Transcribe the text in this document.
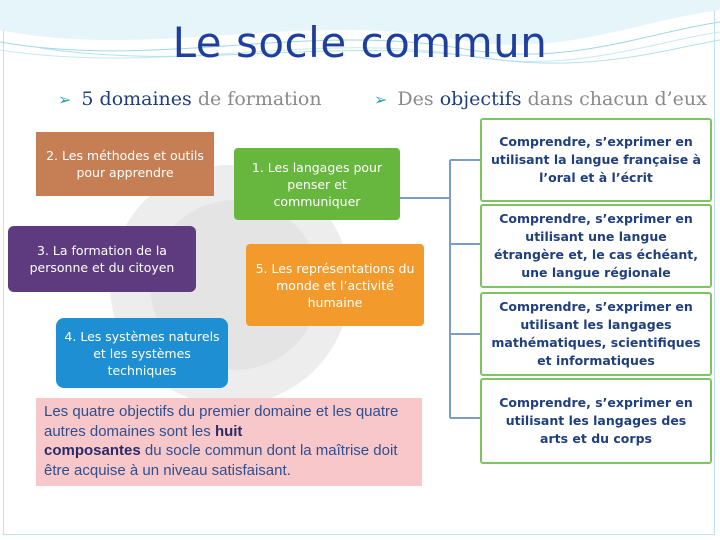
Le socle commun
➢ 5 domaines de formation	➢ Des objectifs dans chacun d’eux
2. Les méthodes et outils pour apprendre
3. La formation de la personne et du citoyen
4. Les systèmes naturels et les systèmes techniques
1. Les langages pour penser et communiquer
5. Les représentations du monde et l’activité humaine
Les quatre objectifs du premier domaine et les quatre autres domaines sont les huit
composantes du socle commun dont la maîtrise doit être acquise à un niveau satisfaisant.
Comprendre, s’exprimer en utilisant la langue française à l’oral et à l’écrit
Comprendre, s’exprimer en utilisant une langue étrangère et, le cas échéant, une langue régionale
Comprendre, s’exprimer en utilisant les langages mathématiques, scientifiques et informatiques
Comprendre, s’exprimer en utilisant les langages des arts et du corps
